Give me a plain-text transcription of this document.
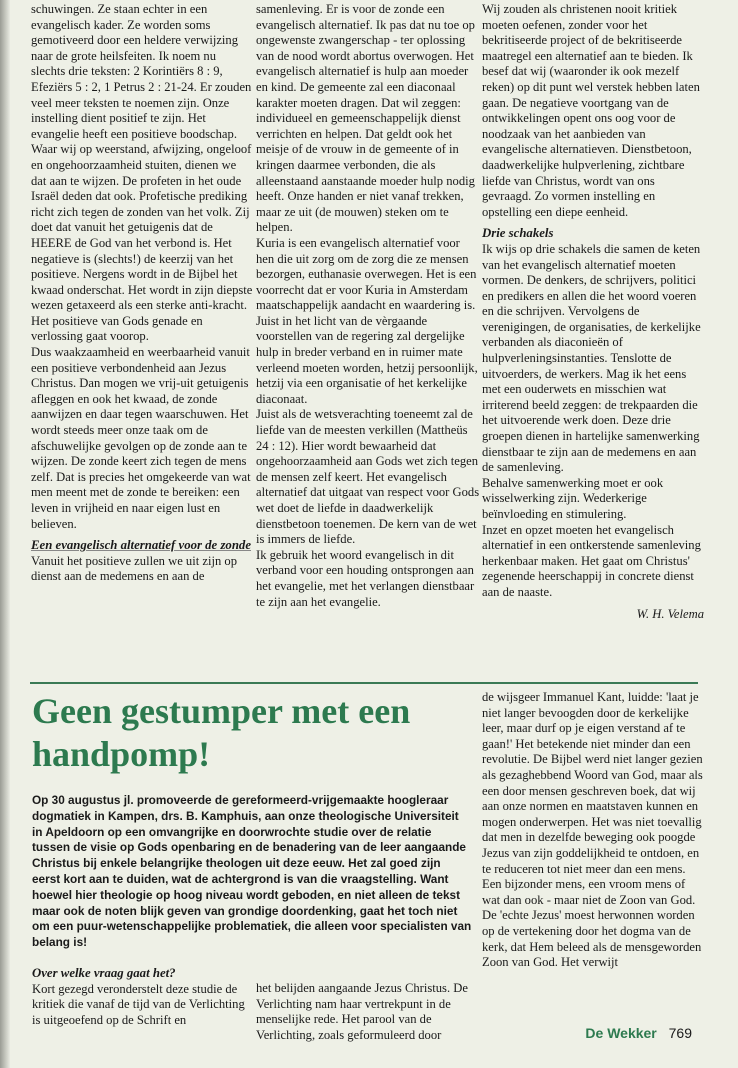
schuwingen. Ze staan echter in een evangelisch kader. Ze worden soms gemotiveerd door een heldere verwijzing naar de grote heilsfeiten. Ik noem nu slechts drie teksten: 2 Korintiërs 8 : 9, Efeziërs 5 : 2, 1 Petrus 2 : 21-24. Er zouden veel meer teksten te noemen zijn. Onze instelling dient positief te zijn. Het evangelie heeft een positieve boodschap.

Waar wij op weerstand, afwijzing, ongeloof en ongehoorzaamheid stuiten, dienen we dat aan te wijzen. De profeten in het oude Israël deden dat ook. Profetische prediking richt zich tegen de zonden van het volk. Zij doet dat vanuit het getuigenis dat de HEERE de God van het verbond is. Het negatieve is (slechts!) de keerzij van het positieve. Nergens wordt in de Bijbel het kwaad onderschat. Het wordt in zijn diepste wezen getaxeerd als een sterke anti-kracht. Het positieve van Gods genade en verlossing gaat voorop.

Dus waakzaamheid en weerbaarheid vanuit een positieve verbondenheid aan Jezus Christus. Dan mogen we vrij-uit getuigenis afleggen en ook het kwaad, de zonde aanwijzen en daar tegen waarschuwen. Het wordt steeds meer onze taak om de afschuwelijke gevolgen op de zonde aan te wijzen. De zonde keert zich tegen de mens zelf. Dat is precies het omgekeerde van wat men meent met de zonde te bereiken: een leven in vrijheid en naar eigen lust en believen.

Een evangelisch alternatief voor de zonde

Vanuit het positieve zullen we uit zijn op dienst aan de medemens en aan de

samenleving. Er is voor de zonde een evangelisch alternatief. Ik pas dat nu toe op ongewenste zwangerschap - ter oplossing van de nood wordt abortus overwogen. Het evangelisch alternatief is hulp aan moeder en kind. De gemeente zal een diaconaal karakter moeten dragen. Dat wil zeggen: individueel en gemeenschappelijk dienst verrichten en helpen. Dat geldt ook het meisje of de vrouw in de gemeente of in kringen daarmee verbonden, die als alleenstaand aanstaande moeder hulp nodig heeft. Onze handen er niet vanaf trekken, maar ze uit (de mouwen) steken om te helpen.

Kuria is een evangelisch alternatief voor hen die uit zorg om de zorg die ze mensen bezorgen, euthanasie overwegen. Het is een voorrecht dat er voor Kuria in Amsterdam maatschappelijk aandacht en waardering is. Juist in het licht van de vèrgaande voorstellen van de regering zal dergelijke hulp in breder verband en in ruimer mate verleend moeten worden, hetzij persoonlijk, hetzij via een organisatie of het kerkelijke diaconaat.

Juist als de wetsverachting toeneemt zal de liefde van de meesten verkillen (Mattheüs 24 : 12). Hier wordt bewaarheid dat ongehoorzaamheid aan Gods wet zich tegen de mensen zelf keert. Het evangelisch alternatief dat uitgaat van respect voor Gods wet doet de liefde in daadwerkelijk dienstbetoon toenemen. De kern van de wet is immers de liefde.

Ik gebruik het woord evangelisch in dit verband voor een houding ontsprongen aan het evangelie, met het verlangen dienstbaar te zijn aan het evangelie.

Wij zouden als christenen nooit kritiek moeten oefenen, zonder voor het bekritiseerde project of de bekritiseerde maatregel een alternatief aan te bieden. Ik besef dat wij (waaronder ik ook mezelf reken) op dit punt wel verstek hebben laten gaan. De negatieve voortgang van de ontwikkelingen opent ons oog voor de noodzaak van het aanbieden van evangelische alternatieven. Dienstbetoon, daadwerkelijke hulpverlening, zichtbare liefde van Christus, wordt van ons gevraagd. Zo vormen instelling en opstelling een diepe eenheid.

Drie schakels

Ik wijs op drie schakels die samen de keten van het evangelisch alternatief moeten vormen. De denkers, de schrijvers, politici en predikers en allen die het woord voeren en die schrijven. Vervolgens de verenigingen, de organisaties, de kerkelijke verbanden als diaconieën of hulpverleningsinstanties. Tenslotte de uitvoerders, de werkers. Mag ik het eens met een ouderwets en misschien wat irriterend beeld zeggen: de trekpaarden die het uitvoerende werk doen. Deze drie groepen dienen in hartelijke samenwerking dienstbaar te zijn aan de medemens en aan de samenleving.

Behalve samenwerking moet er ook wisselwerking zijn. Wederkerige beïnvloeding en stimulering.

Inzet en opzet moeten het evangelisch alternatief in een ontkerstende samenleving herkenbaar maken. Het gaat om Christus' zegenende heerschappij in concrete dienst aan de naaste.

W. H. Velema
Geen gestumper met een handpomp!

Op 30 augustus jl. promoveerde de gereformeerd-vrijgemaakte hoogleraar dogmatiek in Kampen, drs. B. Kamphuis, aan onze theologische Universiteit in Apeldoorn op een omvangrijke en doorwrochte studie over de relatie tussen de visie op Gods openbaring en de benadering van de leer aangaande Christus bij enkele belangrijke theologen uit deze eeuw. Het zal goed zijn eerst kort aan te duiden, wat de achtergrond is van die vraagstelling. Want hoewel hier theologie op hoog niveau wordt geboden, en niet alleen de tekst maar ook de noten blijk geven van grondige doordenking, gaat het toch niet om een puur-wetenschappelijke problematiek, die alleen voor specialisten van belang is!

Over welke vraag gaat het?

Kort gezegd veronderstelt deze studie de kritiek die vanaf de tijd van de Verlichting is uitgeoefend op de Schrift en

het belijden aangaande Jezus Christus. De Verlichting nam haar vertrekpunt in de menselijke rede. Het parool van de Verlichting, zoals geformuleerd door

de wijsgeer Immanuel Kant, luidde: 'laat je niet langer bevoogden door de kerkelijke leer, maar durf op je eigen verstand af te gaan!' Het betekende niet minder dan een revolutie. De Bijbel werd niet langer gezien als gezaghebbend Woord van God, maar als een door mensen geschreven boek, dat wij aan onze normen en maatstaven kunnen en mogen onderwerpen. Het was niet toevallig dat men in dezelfde beweging ook poogde Jezus van zijn goddelijkheid te ontdoen, en te reduceren tot niet meer dan een mens. Een bijzonder mens, een vroom mens of wat dan ook - maar niet de Zoon van God. De 'echte Jezus' moest herwonnen worden op de vertekening door het dogma van de kerk, dat Hem beleed als de mensgeworden Zoon van God. Het verwijt

De Wekker 769
